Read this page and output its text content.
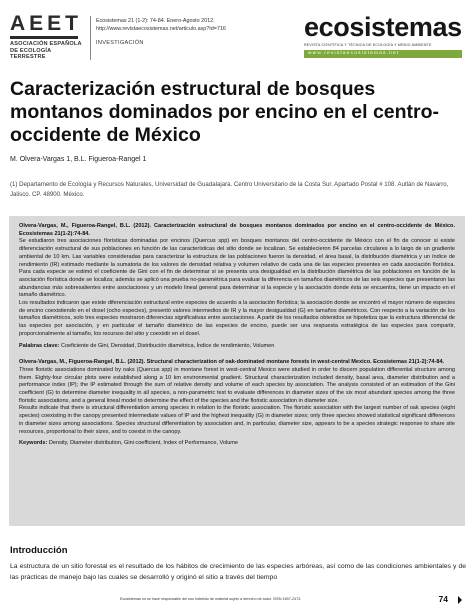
AEET
ASOCIACIÓN ESPAÑOLA
DE ECOLOGÍA TERRESTRE
Ecosistemas 21 (1-2): 74-84. Enero-Agosto 2012.
http://www.revistaecosistemas.net/articulo.asp?Id=716
INVESTIGACIÓN
ecosistemas
REVISTA CIENTÍFICA Y TÉCNICA DE ECOLOGÍA Y MEDIO AMBIENTE
www.revistaecosistemas.net
Caracterización estructural de bosques montanos dominados por encino en el centro-occidente de México
M. Olvera-Vargas 1, B.L. Figueroa-Rangel 1
(1) Departamento de Ecología y Recursos Naturales, Universidad de Guadalajara. Centro Universitario de la Costa Sur. Apartado Postal # 108. Autlán de Navarro, Jalisco. CP. 48900. México.

Olvera-Vargas, M., Figueroa-Rangel, B.L. (2012). Caracterización estructural de bosques montanos dominados por encino en el centro-occidente de México. Ecosistemas 21(1-2):74-84.

Se estudiaron tres asociaciones florísticas dominadas por encinos (Quercus spp) en bosques montanos del centro-occidente de México con el fin de conocer si existe diferenciación estructural de sus poblaciones en función de las características del sitio donde se localizan. Se establecieron 84 parcelas circulares a lo largo de un gradiente ambiental de 10 km. Las variables consideradas para caracterizar la estructura de las poblaciones fueron la densidad, el área basal, la distribución diamétrica y un índice de rendimiento (IR) estimado mediante la sumatoria de los valores de densidad relativa y volumen relativo de cada una de las especies presentes en cada asociación florística. Para cada especie se estimó el coeficiente de Gini con el fin de determinar si se presenta una desigualdad en la distribución diamétrica de las poblaciones en función de la asociación florística donde se localiza; además se aplicó una prueba no-paramétrica para evaluar la diferencia en tamaños diamétricos de las seis especies que presentaron las abundancias más sobresalientes entre asociaciones y un modelo lineal general para determinar si la especie y la asociación donde ésta se encuentra, tiene un impacto en el tamaño diamétrico.

Los resultados indicaron que existe diferenciación estructural entre especies de acuerdo a la asociación florística; la asociación donde se encontró el mayor número de especies de encino coexistiendo en el dosel (ocho especies), presentó valores intermedios de IR y la mayor desigualdad (G) en tamaños diamétricos. Con respecto a la variación de los tamaños diamétricos, solo tres especies mostraron diferencias significativas entre asociaciones. A partir de los resultados obtenidos se hipotetiza que la estructura diferencial de las especies por asociación, y en particular el tamaño diamétrico de las especies de encino, puede ser una respuesta estratégica de las especies para compartir, proporcionalmente al tamaño, los recursos del sitio y coexistir en el dosel.

Palabras clave: Coeficiente de Gini, Densidad, Distribución diamétrica, Índice de rendimiento, Volumen

Olvera-Vargas, M., Figueroa-Rangel, B.L. (2012). Structural characterization of oak-dominated montane forests in west-central Mexico. Ecosistemas 21(1-2):74-84.

Three floristic associations dominated by oaks (Quercus spp) in montane forest in west-central Mexico were studied in order to discern population differential structure among them. Eighty-four circular plots were established along a 10 km environmental gradient. Structural characterization included density, basal area, diameter distribution and a performance index (IP); the IP estimated through the sum of relative density and volume of each species by association. The analysis consisted of an estimation of the Gini coefficient (G) to determine diameter inequality in all species, a non-parametric test to evaluate differences in diameter sizes of the six most abundant species among the three floristic associations, and a general lineal model to determine the effect of the species and the floristic association in diameter size.

Results indicate that there is structural differentiation among species in relation to the floristic association. The floristic association with the largest number of oak species (eight species) coexisting in the canopy presented intermediate values of IP and the highest inequality (G) in diameter sizes; only three species showed statistical significant differences in diameter sizes among associations. Species structural differentiation by association and, in particular, diameter size, appears to be a species strategic response to share site resources, proportional to their sizes, and to coexist in the canopy.

Keywords: Density, Diameter distribution, Gini coefficient, Index of Performance, Volume

Introducción

La estructura de un sitio forestal es el resultado de los hábitos de crecimiento de las especies arbóreas, así como de las condiciones ambientales y de las prácticas de manejo bajo las cuales se desarrolló y originó el sitio a través del tiempo

Ecosistemas no se hace responsable del uso indebido de material sujeto a derecho de autor. ISSN 1697-2473.	74
